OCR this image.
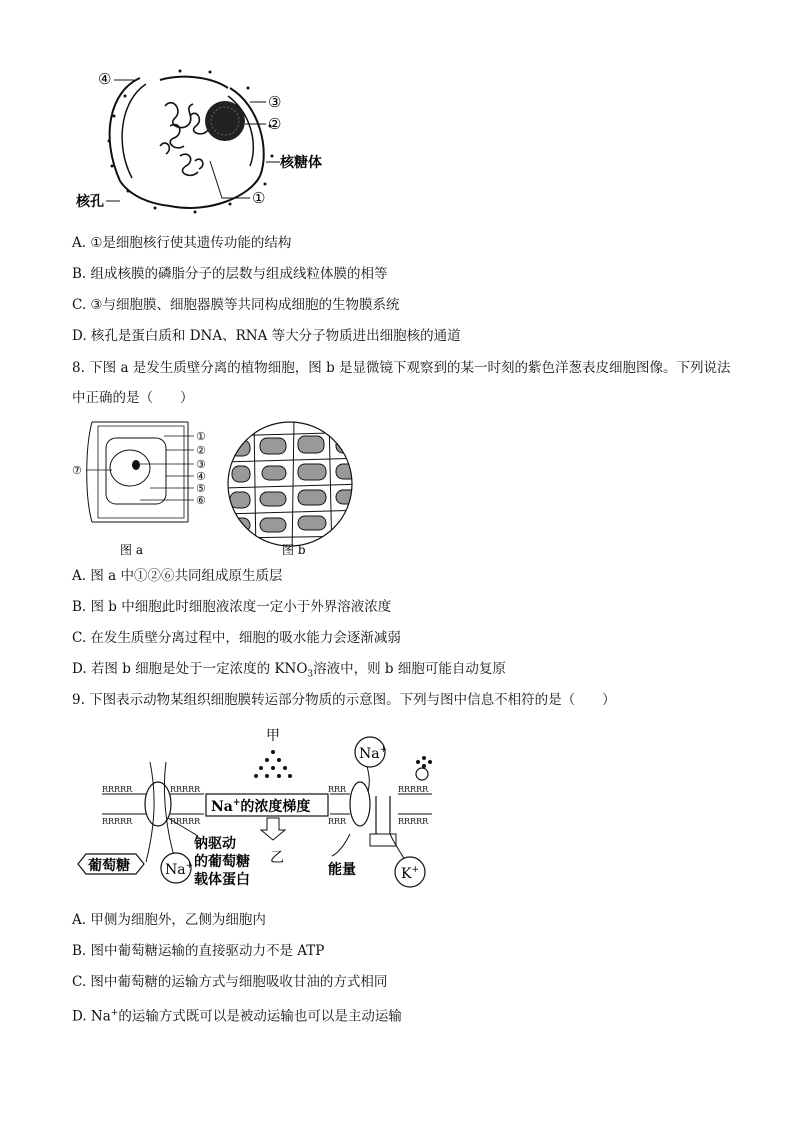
④
③
②
核糖体
①
核孔
A. ①是细胞核行使其遗传功能的结构
B. 组成核膜的磷脂分子的层数与组成线粒体膜的相等
C. ③与细胞膜、细胞器膜等共同构成细胞的生物膜系统
D. 核孔是蛋白质和 DNA、RNA 等大分子物质进出细胞核的通道
8. 下图 a 是发生质壁分离的植物细胞，图 b 是显微镜下观察到的某一时刻的紫色洋葱表皮细胞图像。下列说法中正确的是（　　）
①
②
③
④
⑤
⑥
⑦
图 a	图 b
A. 图 a 中①②⑥共同组成原生质层
B. 图 b 中细胞此时细胞液浓度一定小于外界溶液浓度
C. 在发生质壁分离过程中，细胞的吸水能力会逐渐减弱
D. 若图 b 细胞是处于一定浓度的 $KNO_3$溶液中，则 b 细胞可能自动复原
9. 下图表示动物某组织细胞膜转运部分物质的示意图。下列与图中信息不相符的是（　　）
RRRRR
RRRRR
RRRRR
RRRRR
RRR
RRR
RRRRR
RRRRR
Na+的浓度梯度
甲
乙
Na+
K+
葡萄糖	Na+
钠驱动
的葡萄糖
载体蛋白
能量
A. 甲侧为细胞外，乙侧为细胞内
B. 图中葡萄糖运输的直接驱动力不是 ATP
C. 图中葡萄糖的运输方式与细胞吸收甘油的方式相同
D. Na+的运输方式既可以是被动运输也可以是主动运输
